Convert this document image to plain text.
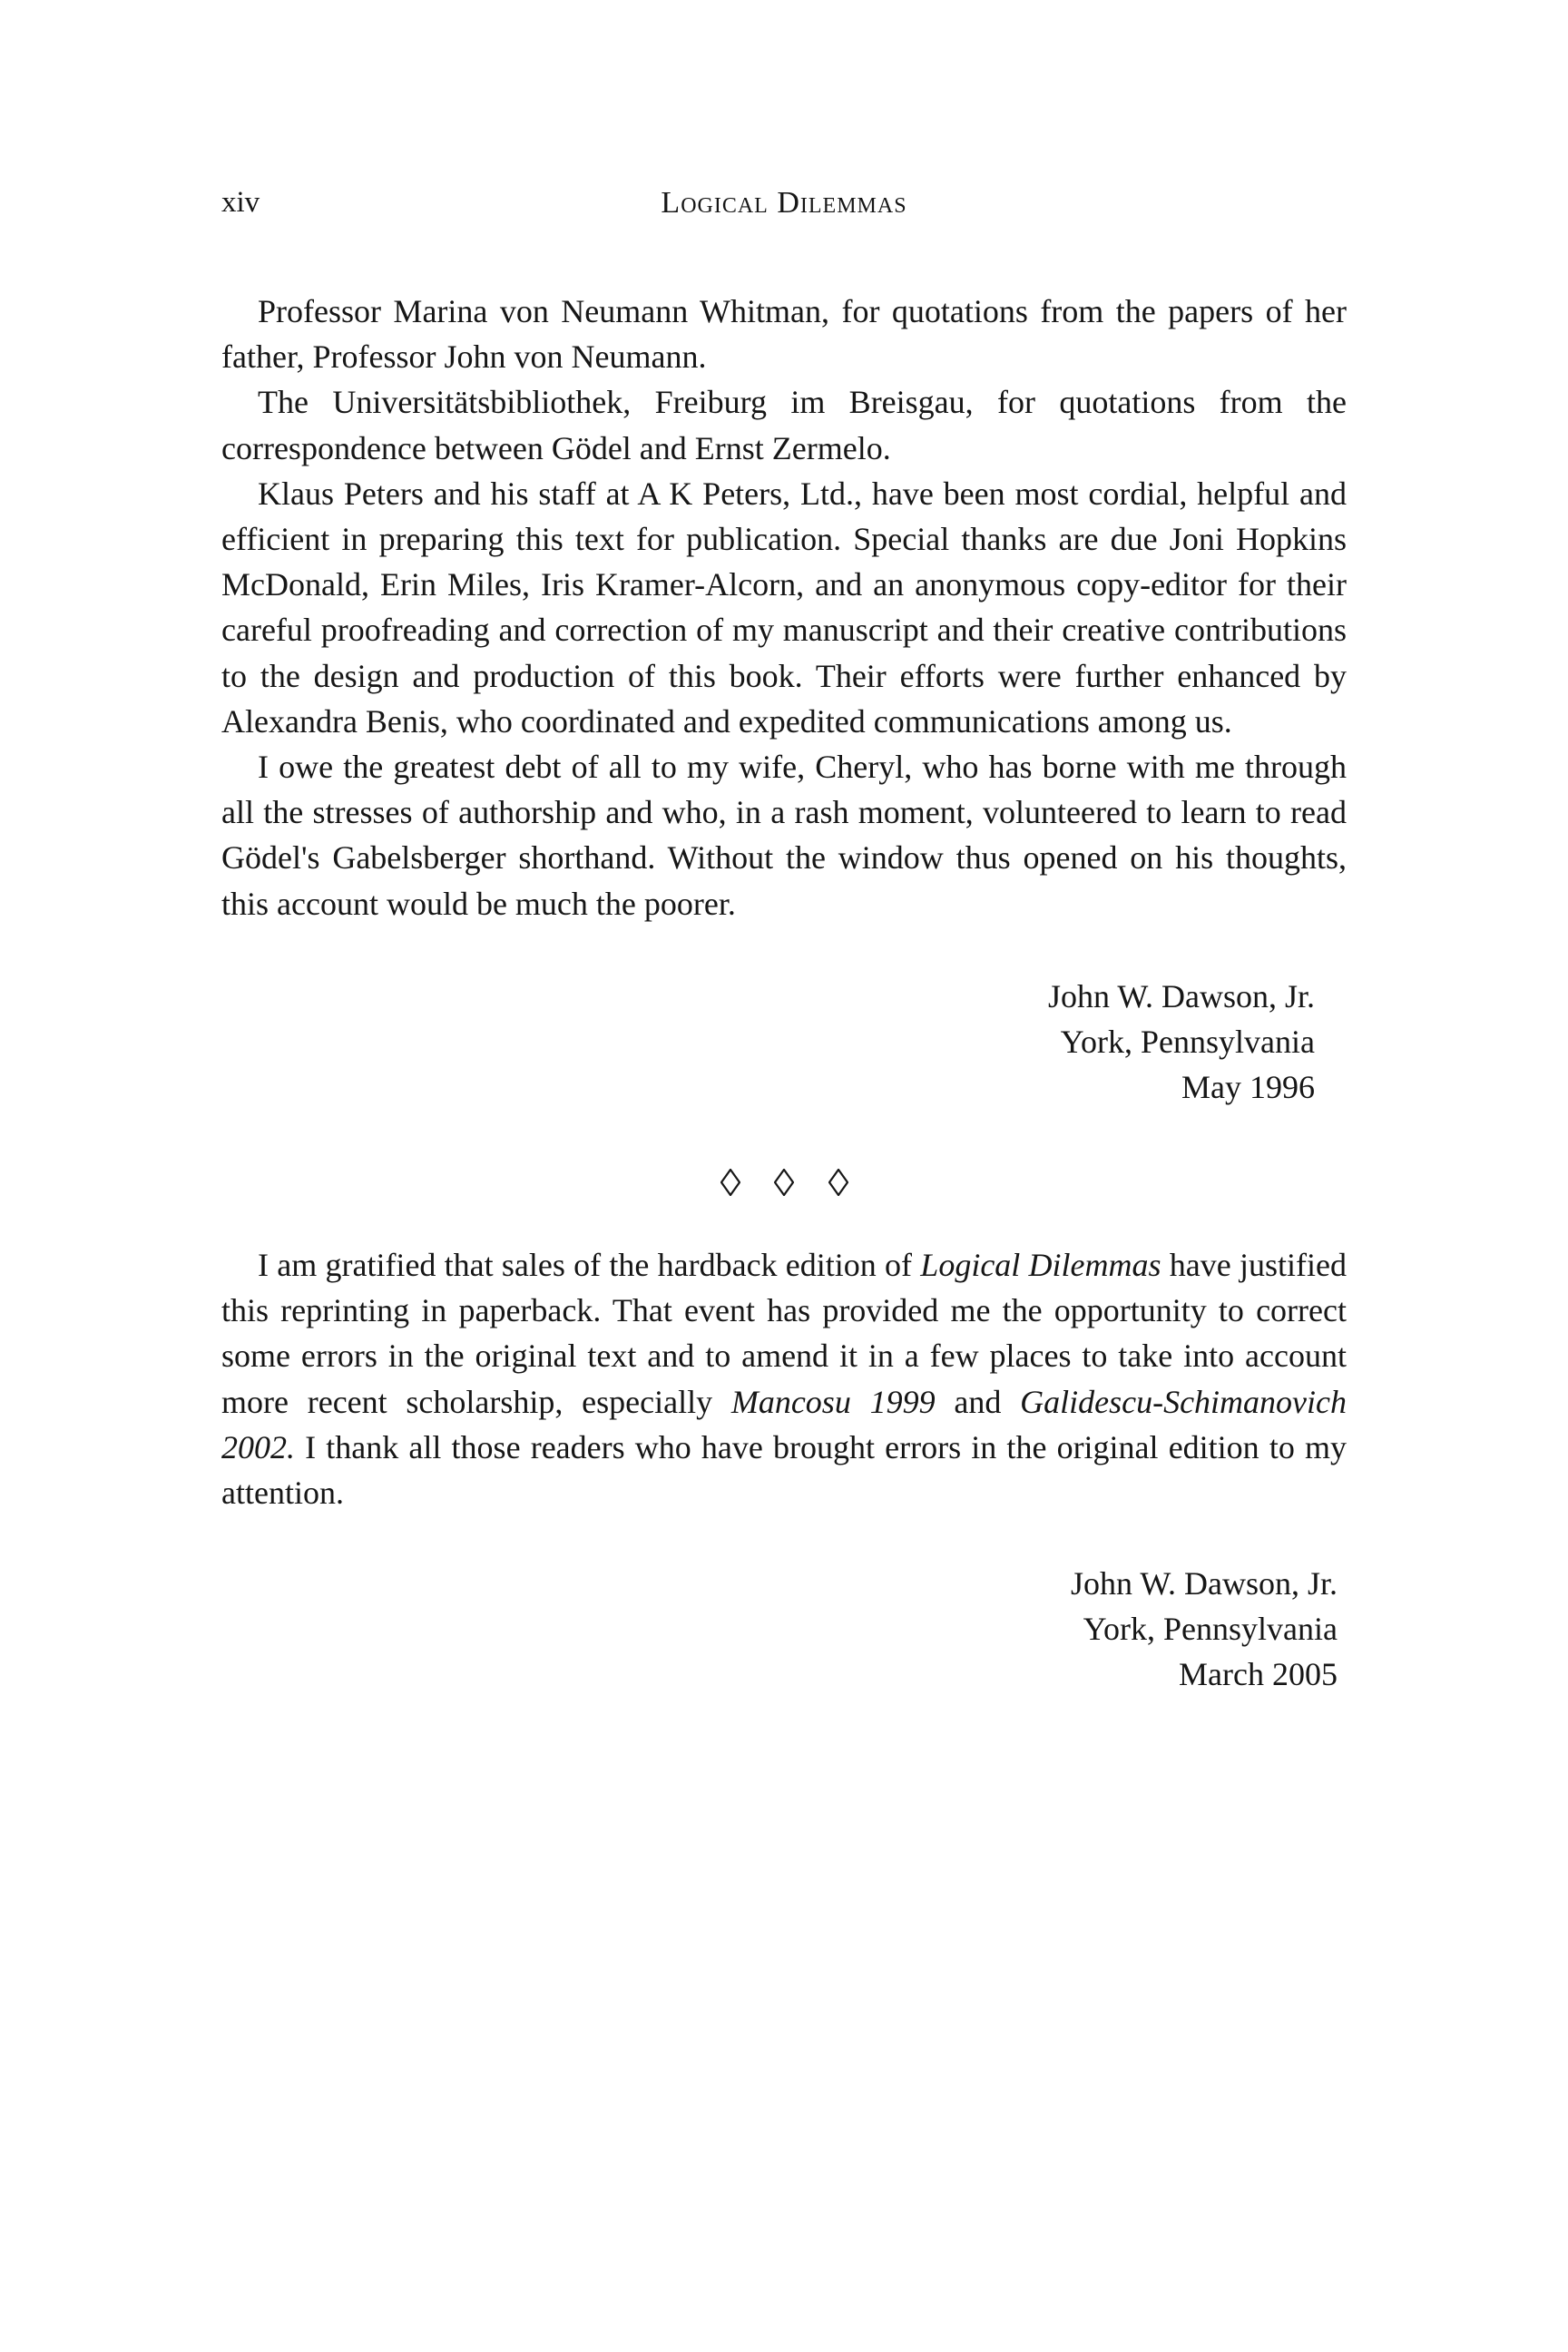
xiv	Logical Dilemmas

Professor Marina von Neumann Whitman, for quotations from the papers of her father, Professor John von Neumann.

The Universitätsbibliothek, Freiburg im Breisgau, for quotations from the correspondence between Gödel and Ernst Zermelo.

Klaus Peters and his staff at A K Peters, Ltd., have been most cordial, helpful and efficient in preparing this text for publication. Special thanks are due Joni Hopkins McDonald, Erin Miles, Iris Kramer-Alcorn, and an anonymous copy-editor for their careful proofreading and correction of my manuscript and their creative contributions to the design and production of this book. Their efforts were further enhanced by Alexandra Benis, who coordinated and expedited communications among us.

I owe the greatest debt of all to my wife, Cheryl, who has borne with me through all the stresses of authorship and who, in a rash moment, volunteered to learn to read Gödel's Gabelsberger shorthand. Without the window thus opened on his thoughts, this account would be much the poorer.

John W. Dawson, Jr.
York, Pennsylvania
May 1996

I am gratified that sales of the hardback edition of Logical Dilemmas have justified this reprinting in paperback. That event has provided me the opportunity to correct some errors in the original text and to amend it in a few places to take into account more recent scholarship, especially Mancosu 1999 and Galidescu-Schimanovich 2002. I thank all those readers who have brought errors in the original edition to my attention.

John W. Dawson, Jr.
York, Pennsylvania
March 2005
